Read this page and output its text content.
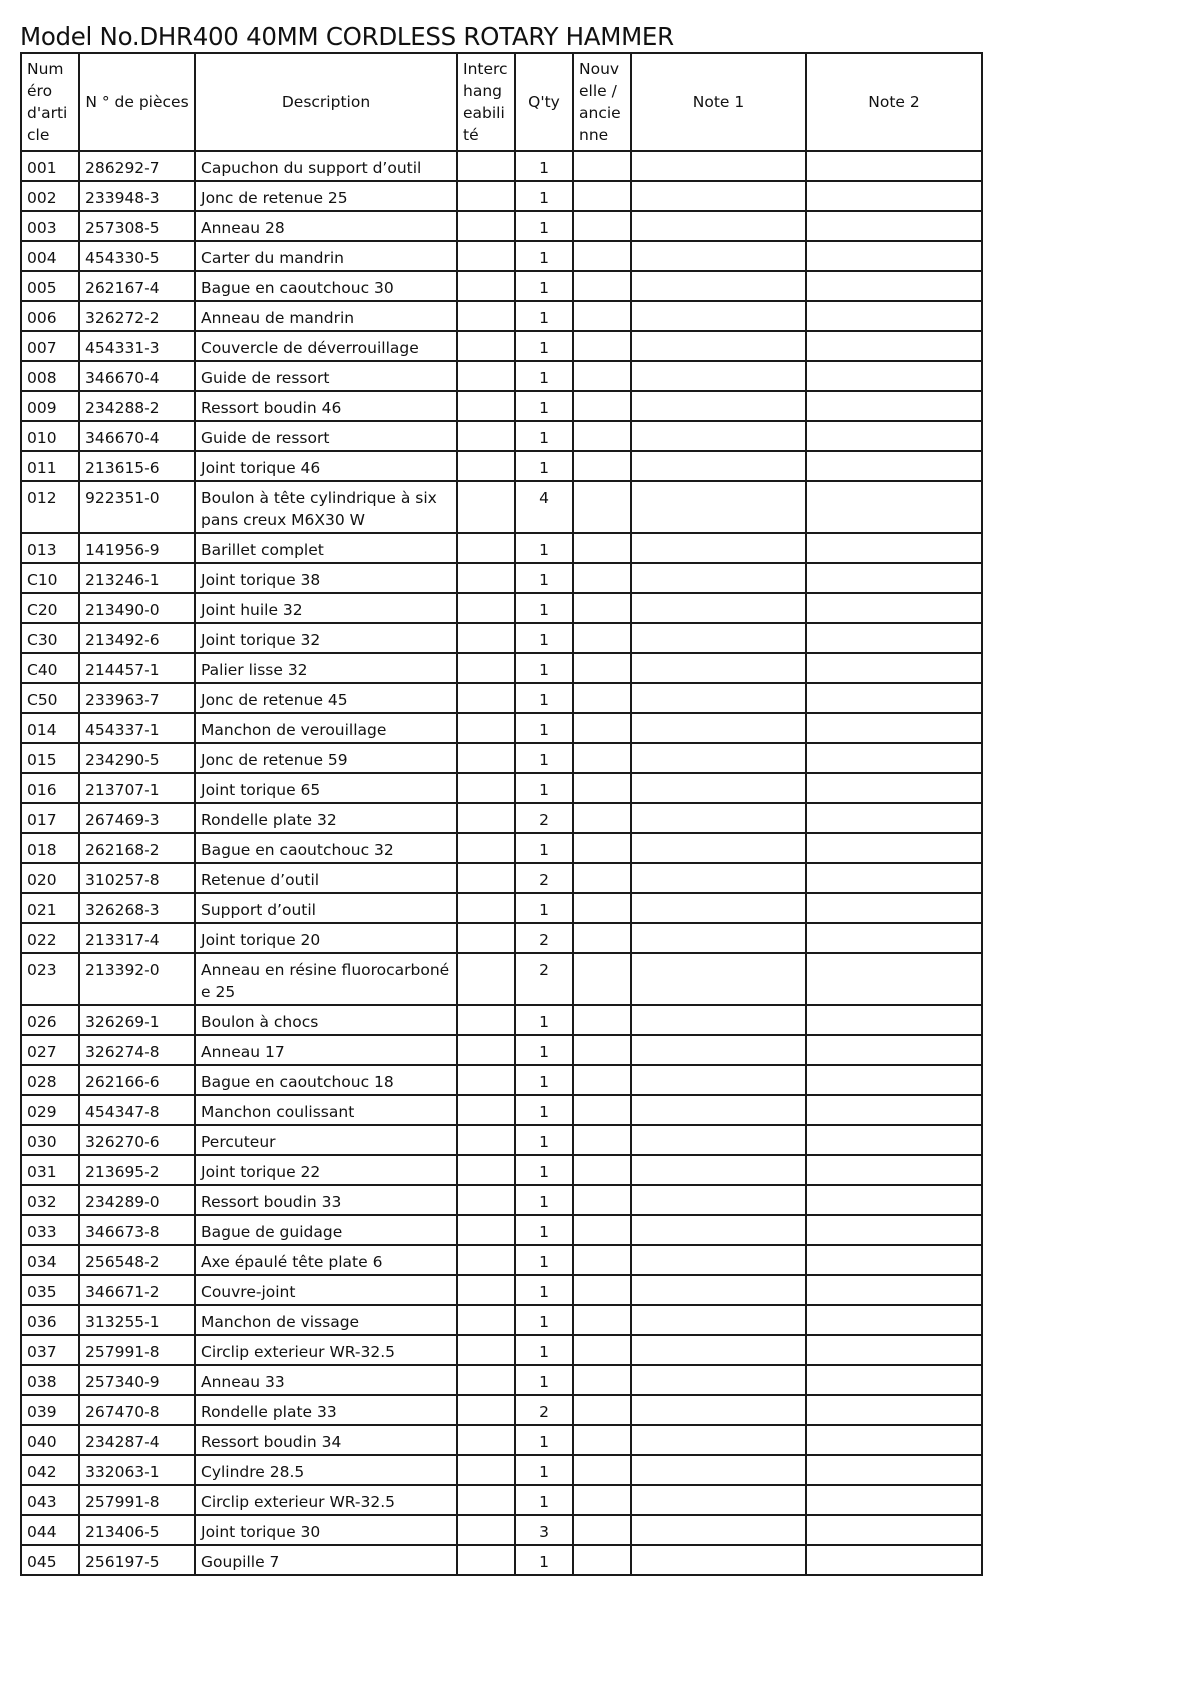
Model No.DHR400 40MM CORDLESS ROTARY HAMMER
Numéro d'article	N ° de pièces	Description	Interchangeabilité	Q'ty	Nouvelle / ancienne	Note 1	Note 2
001	286292-7	Capuchon du support d’outil		1			
002	233948-3	Jonc de retenue 25		1			
003	257308-5	Anneau 28		1			
004	454330-5	Carter du mandrin		1			
005	262167-4	Bague en caoutchouc 30		1			
006	326272-2	Anneau de mandrin		1			
007	454331-3	Couvercle de déverrouillage		1			
008	346670-4	Guide de ressort		1			
009	234288-2	Ressort boudin 46		1			
010	346670-4	Guide de ressort		1			
011	213615-6	Joint torique 46		1			
012	922351-0	Boulon à tête cylindrique à six pans creux M6X30 W		4			
013	141956-9	Barillet complet		1			
C10	213246-1	Joint torique 38		1			
C20	213490-0	Joint huile 32		1			
C30	213492-6	Joint torique 32		1			
C40	214457-1	Palier lisse 32		1			
C50	233963-7	Jonc de retenue 45		1			
014	454337-1	Manchon de verouillage		1			
015	234290-5	Jonc de retenue 59		1			
016	213707-1	Joint torique 65		1			
017	267469-3	Rondelle plate 32		2			
018	262168-2	Bague en caoutchouc 32		1			
020	310257-8	Retenue d’outil		2			
021	326268-3	Support d’outil		1			
022	213317-4	Joint torique 20		2			
023	213392-0	Anneau en résine fluorocarbonée 25		2			
026	326269-1	Boulon à chocs		1			
027	326274-8	Anneau 17		1			
028	262166-6	Bague en caoutchouc 18		1			
029	454347-8	Manchon coulissant		1			
030	326270-6	Percuteur		1			
031	213695-2	Joint torique 22		1			
032	234289-0	Ressort boudin 33		1			
033	346673-8	Bague de guidage		1			
034	256548-2	Axe épaulé tête plate 6		1			
035	346671-2	Couvre-joint		1			
036	313255-1	Manchon de vissage		1			
037	257991-8	Circlip exterieur WR-32.5		1			
038	257340-9	Anneau 33		1			
039	267470-8	Rondelle plate 33		2			
040	234287-4	Ressort boudin 34		1			
042	332063-1	Cylindre 28.5		1			
043	257991-8	Circlip exterieur WR-32.5		1			
044	213406-5	Joint torique 30		3			
045	256197-5	Goupille 7		1			
